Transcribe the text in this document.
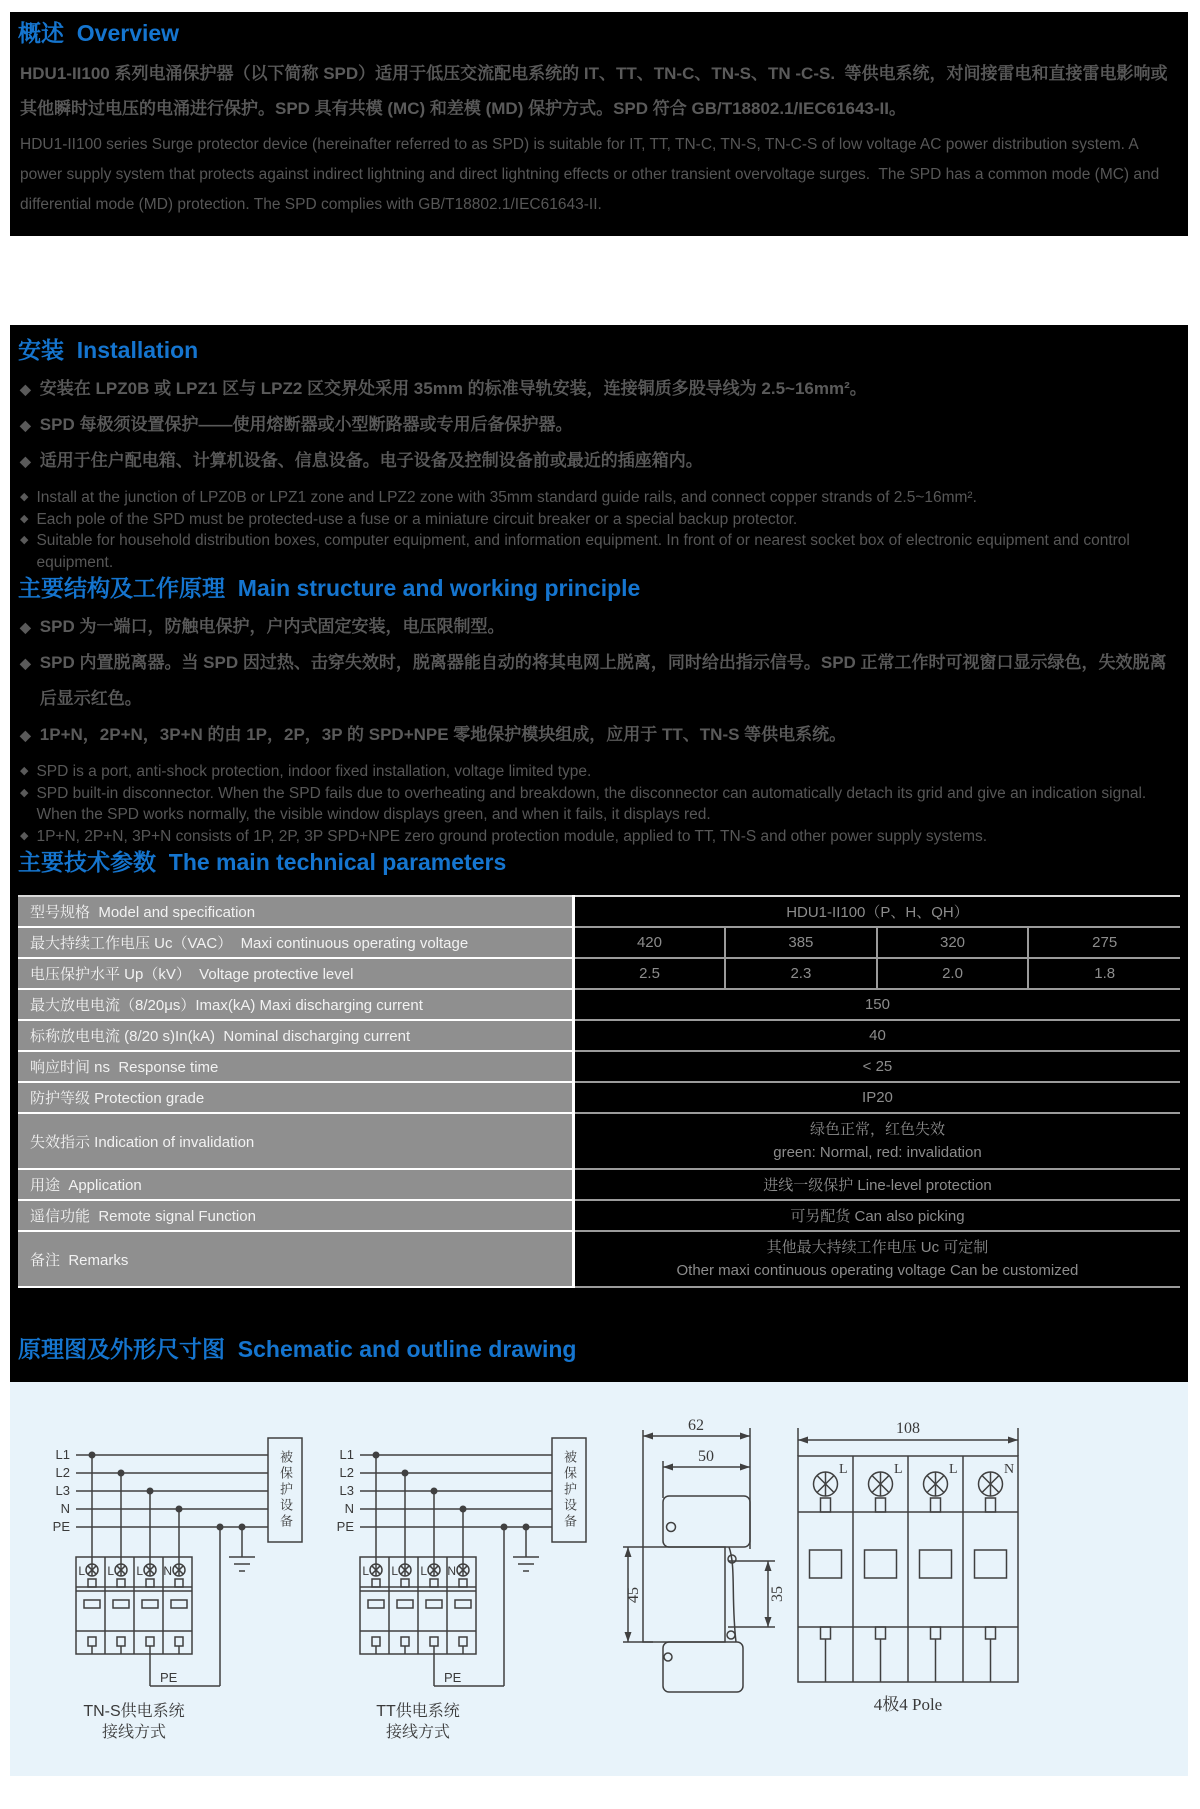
概述  Overview

HDU1-II100 系列电涌保护器（以下简称 SPD）适用于低压交流配电系统的 IT、TT、TN-C、TN-S、TN -C-S.  等供电系统，对间接雷电和直接雷电影响或其他瞬时过电压的电涌进行保护。SPD 具有共模 (MC) 和差模 (MD) 保护方式。SPD 符合 GB/T18802.1/IEC61643-II。

HDU1-II100 series Surge protector device (hereinafter referred to as SPD) is suitable for IT, TT, TN-C, TN-S, TN-C-S of low voltage AC power distribution system. A power supply system that protects against indirect lightning and direct lightning effects or other transient overvoltage surges.  The SPD has a common mode (MC) and differential mode (MD) protection. The SPD complies with GB/T18802.1/IEC61643-II.

安装  Installation
◆ 安装在 LPZ0B 或 LPZ1 区与 LPZ2 区交界处采用 35mm 的标准导轨安装，连接铜质多股导线为 2.5~16mm²。
◆ SPD 每极须设置保护——使用熔断器或小型断路器或专用后备保护器。
◆ 适用于住户配电箱、计算机设备、信息设备。电子设备及控制设备前或最近的插座箱内。
◆ Install at the junction of LPZ0B or LPZ1 zone and LPZ2 zone with 35mm standard guide rails, and connect copper strands of 2.5~16mm².
◆ Each pole of the SPD must be protected-use a fuse or a miniature circuit breaker or a special backup protector.
◆ Suitable for household distribution boxes, computer equipment, and information equipment. In front of or nearest socket box of electronic equipment and control equipment.
主要结构及工作原理  Main structure and working principle
◆ SPD 为一端口，防触电保护，户内式固定安装，电压限制型。
◆ SPD 内置脱离器。当 SPD 因过热、击穿失效时，脱离器能自动的将其电网上脱离，同时给出指示信号。SPD 正常工作时可视窗口显示绿色，失效脱离后显示红色。
◆ 1P+N，2P+N，3P+N 的由 1P，2P，3P 的 SPD+NPE 零地保护模块组成，应用于 TT、TN-S 等供电系统。
◆ SPD is a port, anti-shock protection, indoor fixed installation, voltage limited type.
◆ SPD built-in disconnector. When the SPD fails due to overheating and breakdown, the disconnector can automatically detach its grid and give an indication signal. When the SPD works normally, the visible window displays green, and when it fails, it displays red.
◆ 1P+N, 2P+N, 3P+N consists of 1P, 2P, 3P SPD+NPE zero ground protection module, applied to TT, TN-S and other power supply systems.
主要技术参数  The main technical parameters
型号规格  Model and specification	HDU1-II100（P、H、QH）			
最大持续工作电压 Uc（VAC）  Maxi continuous operating voltage	420	385	320	275
电压保护水平 Up（kV）  Voltage protective level	2.5	2.3	2.0	1.8
最大放电电流（8/20μs）Imax(kA) Maxi discharging current	150			
标称放电电流 (8/20 s)In(kA)  Nominal discharging current	40			
响应时间 ns  Response time	< 25			
防护等级 Protection grade	IP20			
失效指示 Indication of invalidation	绿色正常，红色失效
green: Normal, red: invalidation			

用途  Application	进线一级保护 Line-level protection			
遥信功能  Remote signal Function	可另配货 Can also picking			
备注  Remarks	其他最大持续工作电压 Uc 可定制
Other maxi continuous operating voltage Can be customized			
原理图及外形尺寸图  Schematic and outline drawing
L1
L2
L3
N
PE
L L L N
PE
TN-S供电系统
接线方式
被保护设备	L1
L2
L3
N
PE
L L L N
PE
TT供电系统
接线方式
被保护设备
62
50
45	35
108
L	L	L	N
4极4 Pole
